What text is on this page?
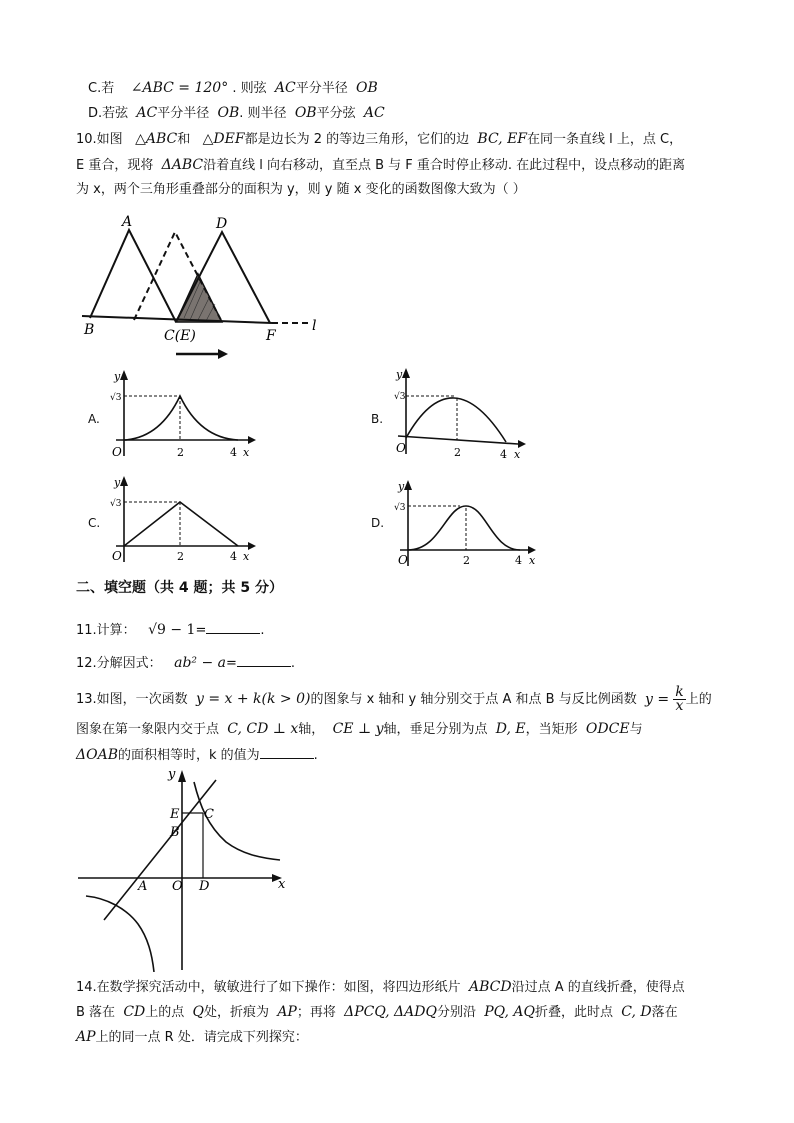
C.若 ∠ABC = 120° . 则弦 AC平分半径 OB
D.若弦 AC平分半径 OB. 则半径 OB平分弦 AC
10.如图 △ABC和 △DEF都是边长为 2 的等边三角形，它们的边 BC, EF在同一条直线 l 上，点 C，
E 重合，现将 ΔABC沿着直线 l 向右移动，直至点 B 与 F 重合时停止移动. 在此过程中，设点移动的距离
为 x，两个三角形重叠部分的面积为 y，则 y 随 x 变化的函数图像大致为（ ）
A	D
B	C(E)	F
l
A.	B.
C.	D.
y
√3
O	2	4 x
y
√3
O	2	4 x
y
√3
O	2	4 x
y
√3
O	2	4 x
二、填空题（共 4 题；共 5 分）
11.计算： √9 − 1=	.
12.分解因式： ab² − a=	.
13.如图，一次函数 y = x + k(k > 0)的图象与 x 轴和 y 轴分别交于点 A 和点 B 与反比例函数 $y = \frac{k}{x}$ 上的
图象在第一象限内交于点 C, CD ⊥ x轴， CE ⊥ y轴，垂足分别为点 D, E，当矩形 ODCE与
ΔOAB的面积相等时，k 的值为	.
y
x
E C
B
A O D
14.在数学探究活动中，敏敏进行了如下操作：如图，将四边形纸片 ABCD沿过点 A 的直线折叠，使得点
B 落在 CD上的点 Q处，折痕为 AP；再将 ΔPCQ, ΔADQ分别沿 PQ, AQ折叠，此时点 C, D落在
AP上的同一点 R 处．请完成下列探究：
